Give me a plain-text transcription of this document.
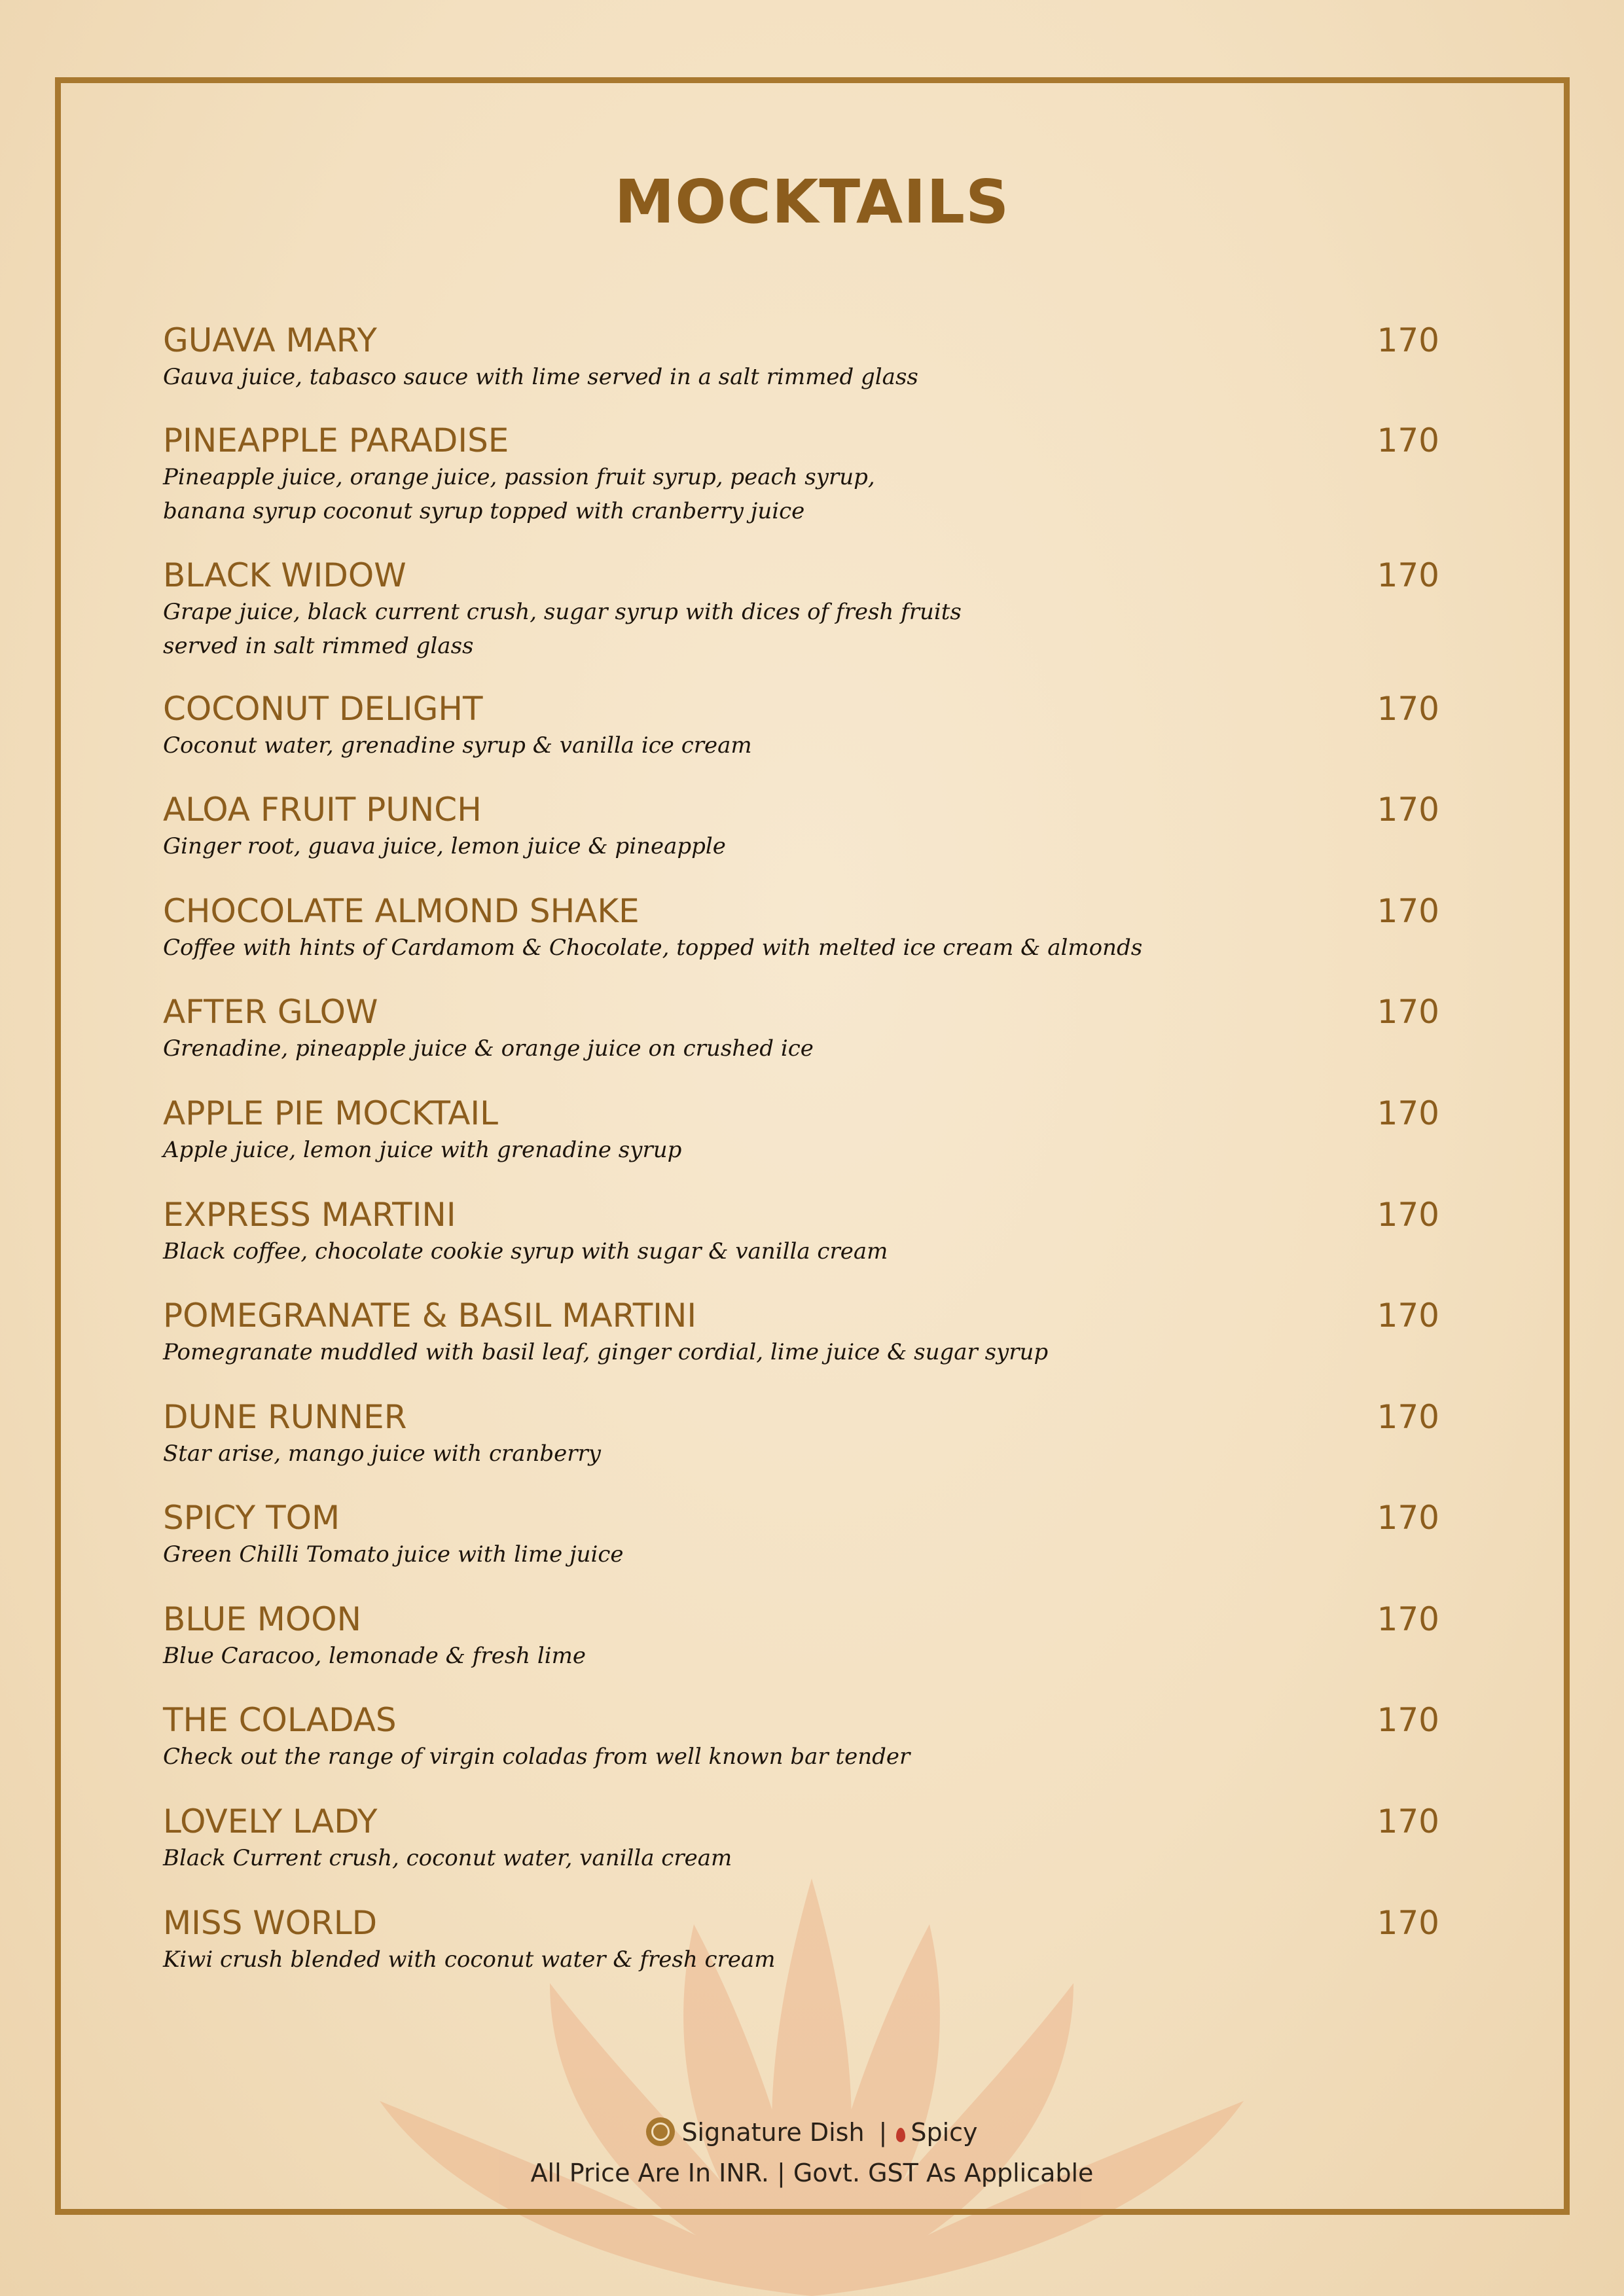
MOCKTAILS
GUAVA MARY	170
Gauva juice, tabasco sauce with lime served in a salt rimmed glass
PINEAPPLE PARADISE	170
Pineapple juice, orange juice, passion fruit syrup, peach syrup,
banana syrup coconut syrup topped with cranberry juice
BLACK WIDOW	170
Grape juice, black current crush, sugar syrup with dices of fresh fruits
served in salt rimmed glass
COCONUT DELIGHT	170
Coconut water, grenadine syrup & vanilla ice cream
ALOA FRUIT PUNCH	170
Ginger root, guava juice, lemon juice & pineapple
CHOCOLATE ALMOND SHAKE	170
Coffee with hints of Cardamom & Chocolate, topped with melted ice cream & almonds
AFTER GLOW	170
Grenadine, pineapple juice & orange juice on crushed ice
APPLE PIE MOCKTAIL	170
Apple juice, lemon juice with grenadine syrup
EXPRESS MARTINI	170
Black coffee, chocolate cookie syrup with sugar & vanilla cream
POMEGRANATE & BASIL MARTINI	170
Pomegranate muddled with basil leaf, ginger cordial, lime juice & sugar syrup
DUNE RUNNER	170
Star arise, mango juice with cranberry
SPICY TOM	170
Green Chilli Tomato juice with lime juice
BLUE MOON	170
Blue Caracoo, lemonade & fresh lime
THE COLADAS	170
Check out the range of virgin coladas from well known bar tender
LOVELY LADY	170
Black Current crush, coconut water, vanilla cream
MISS WORLD	170
Kiwi crush blended with coconut water & fresh cream
Signature Dish | Spicy
All Price Are In INR. | Govt. GST As Applicable
